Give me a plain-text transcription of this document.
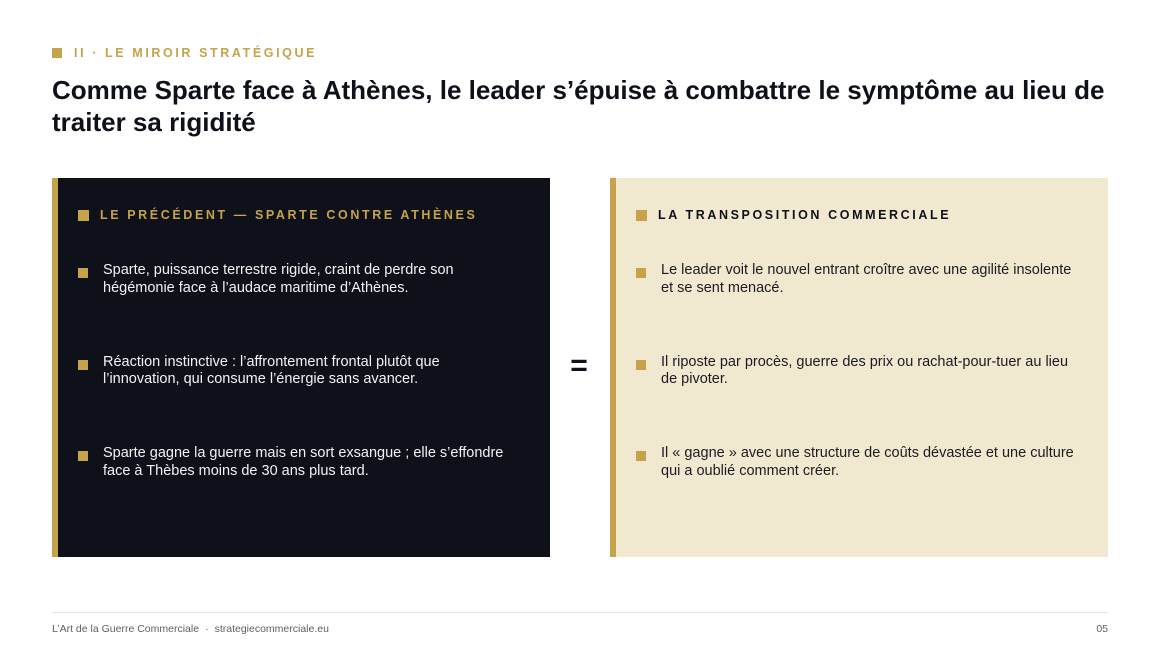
II · LE MIROIR STRATÉGIQUE
Comme Sparte face à Athènes, le leader s’épuise à combattre le symptôme au lieu de traiter sa rigidité
LE PRÉCÉDENT — SPARTE CONTRE ATHÈNES
Sparte, puissance terrestre rigide, craint de perdre son hégémonie face à l’audace maritime d’Athènes.
Réaction instinctive : l’affrontement frontal plutôt que l’innovation, qui consume l’énergie sans avancer.
Sparte gagne la guerre mais en sort exsangue ; elle s’effondre face à Thèbes moins de 30 ans plus tard.
=
LA TRANSPOSITION COMMERCIALE
Le leader voit le nouvel entrant croître avec une agilité insolente et se sent menacé.
Il riposte par procès, guerre des prix ou rachat-pour-tuer au lieu de pivoter.
Il « gagne » avec une structure de coûts dévastée et une culture qui a oublié comment créer.
L’Art de la Guerre Commerciale · strategiecommerciale.eu	05
